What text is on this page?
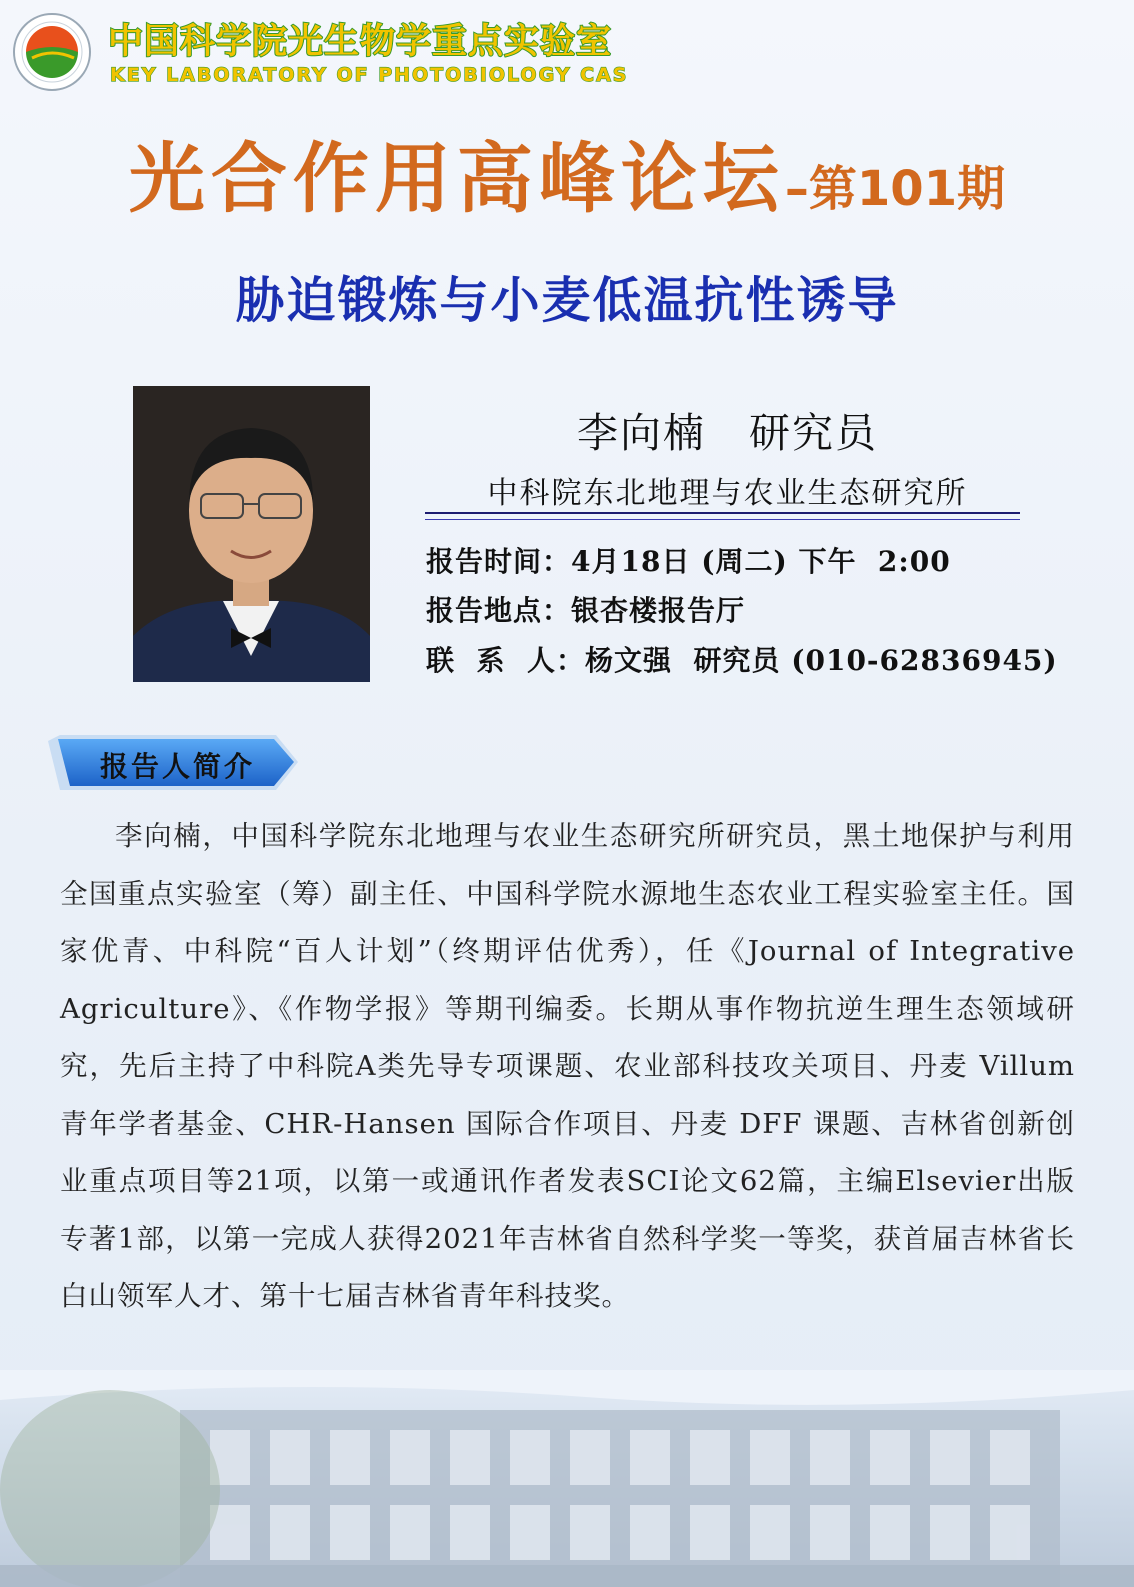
中国科学院光生物学重点实验室
KEY LABORATORY OF PHOTOBIOLOGY CAS
光合作用高峰论坛–第101期
胁迫锻炼与小麦低温抗性诱导
李向楠　研究员
中科院东北地理与农业生态研究所
报告时间：4月18日 (周二) 下午  2:00
报告地点：银杏楼报告厅
联  系  人：杨文强  研究员 (010-62836945)
报告人简介
李向楠，中国科学院东北地理与农业生态研究所研究员，黑土地保护与利用全国重点实验室（筹）副主任、中国科学院水源地生态农业工程实验室主任。国家优青、中科院“百人计划”（终期评估优秀），任《Journal of Integrative Agriculture》、《作物学报》等期刊编委。长期从事作物抗逆生理生态领域研究，先后主持了中科院A类先导专项课题、农业部科技攻关项目、丹麦 Villum 青年学者基金、CHR-Hansen 国际合作项目、丹麦 DFF 课题、吉林省创新创业重点项目等21项，以第一或通讯作者发表SCI论文62篇，主编Elsevier出版专著1部，以第一完成人获得2021年吉林省自然科学奖一等奖，获首届吉林省长白山领军人才、第十七届吉林省青年科技奖。
